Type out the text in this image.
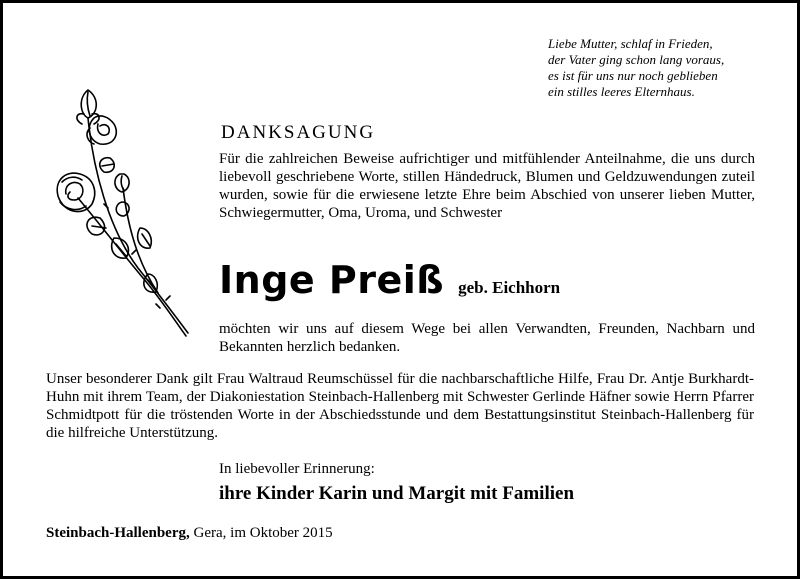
Liebe Mutter, schlaf in Frieden,
der Vater ging schon lang voraus,
es ist für uns nur noch geblieben
ein stilles leeres Elternhaus.
DANKSAGUNG
Für die zahlreichen Beweise aufrichtiger und mitfühlender Anteilnahme, die uns durch liebevoll geschriebene Worte, stillen Händedruck, Blumen und Geldzuwendungen zuteil wurden, sowie für die erwiesene letzte Ehre beim Abschied von unserer lieben Mutter, Schwiegermutter, Oma, Uroma, und Schwester
Inge Preiß geb. Eichhorn
möchten wir uns auf diesem Wege bei allen Verwandten, Freunden, Nachbarn und Bekannten herzlich bedanken.
Unser besonderer Dank gilt Frau Waltraud Reumschüssel für die nachbarschaftliche Hilfe, Frau Dr. Antje Burkhardt-Huhn mit ihrem Team, der Diakoniestation Steinbach-Hallenberg mit Schwester Gerlinde Häfner sowie Herrn Pfarrer Schmidtpott für die tröstenden Worte in der Abschiedsstunde und dem Bestattungsinstitut Steinbach-Hallenberg für die hilfreiche Unterstützung.
In liebevoller Erinnerung:
ihre Kinder Karin und Margit mit Familien
Steinbach-Hallenberg, Gera, im Oktober 2015
